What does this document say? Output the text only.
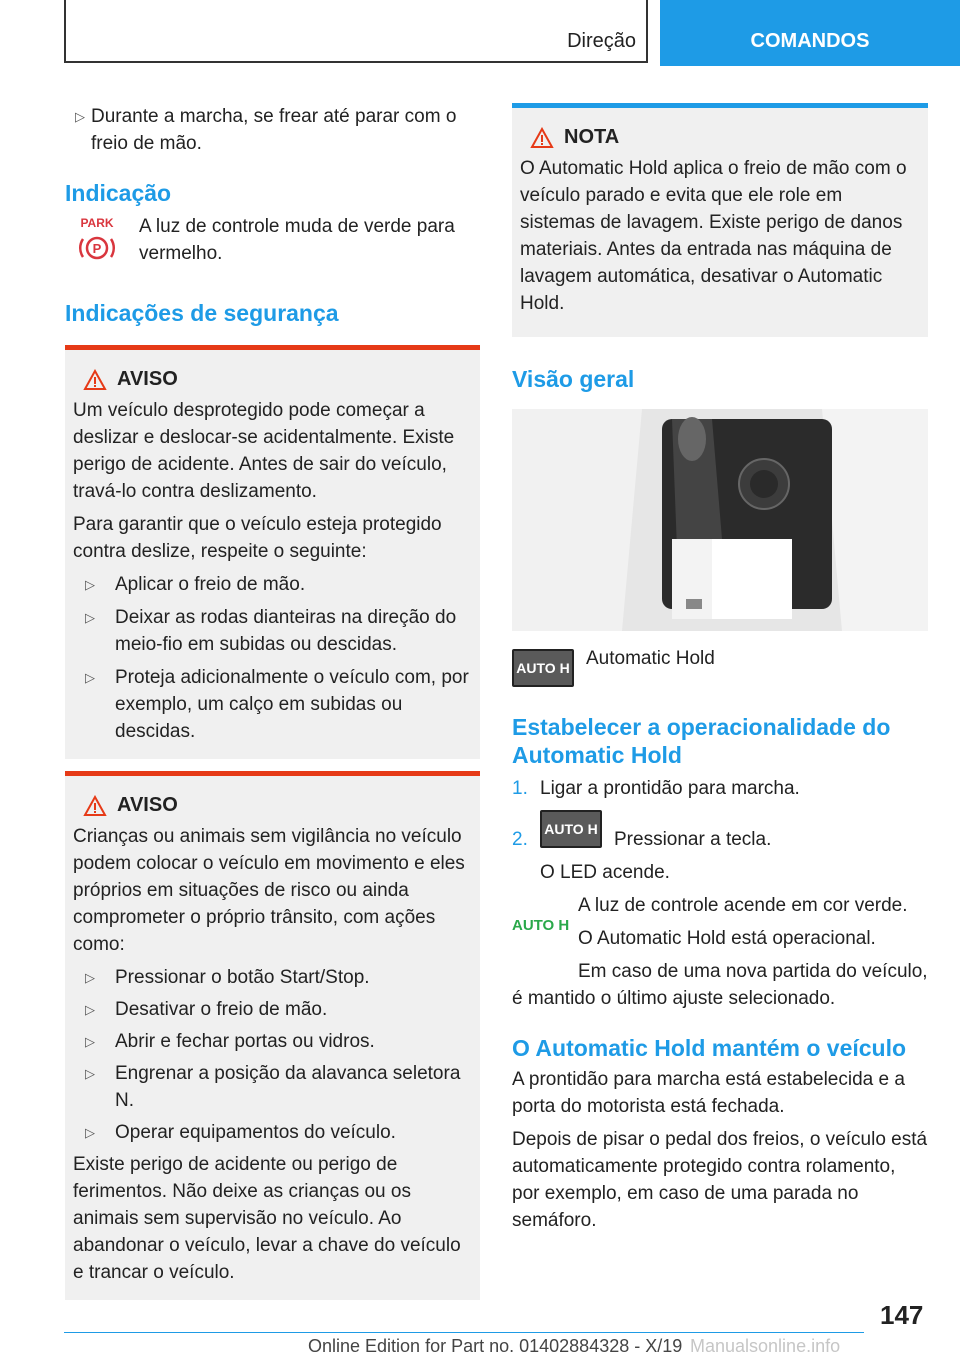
Direção	COMANDOS
▷ Durante a marcha, se frear até parar com o freio de mão.
Indicação
PARK
P
A luz de controle muda de verde para vermelho.
Indicações de segurança
AVISO

Um veículo desprotegido pode começar a deslizar e deslocar-se acidentalmente. Existe perigo de acidente. Antes de sair do veículo, travá-lo contra deslizamento.

Para garantir que o veículo esteja protegido contra deslize, respeite o seguinte:

▷	Aplicar o freio de mão.
▷	Deixar as rodas dianteiras na direção do meio-fio em subidas ou descidas.
▷	Proteja adicionalmente o veículo com, por exemplo, um calço em subidas ou descidas.
AVISO

Crianças ou animais sem vigilância no veículo podem colocar o veículo em movimento e eles próprios em situações de risco ou ainda comprometer o próprio trânsito, com ações como:

▷	Pressionar o botão Start/Stop.
▷	Desativar o freio de mão.
▷	Abrir e fechar portas ou vidros.
▷	Engrenar a posição da alavanca seletora N.
▷	Operar equipamentos do veículo.

Existe perigo de acidente ou perigo de ferimentos. Não deixe as crianças ou os animais sem supervisão no veículo. Ao abandonar o veículo, levar a chave do veículo e trancar o veículo.

NOTA

O Automatic Hold aplica o freio de mão com o veículo parado e evita que ele role em sistemas de lavagem. Existe perigo de danos materiais. Antes da entrada nas máquina de lavagem automática, desativar o Automatic Hold.

Visão geral
AUTO H Automatic Hold
Estabelecer a operacionalidade do Automatic Hold
1. Ligar a prontidão para marcha.
2.
AUTO H
Pressionar a tecla.
O LED acende.
AUTO H
A luz de controle acende em cor verde.
O Automatic Hold está operacional.
Em caso de uma nova partida do veículo, é mantido o último ajuste selecionado.
O Automatic Hold mantém o veículo

A prontidão para marcha está estabelecida e a porta do motorista está fechada.

Depois de pisar o pedal dos freios, o veículo está automaticamente protegido contra rolamento, por exemplo, em caso de uma parada no semáforo.

147
Online Edition for Part no. 01402884328 - X/19 Manualsonline.info
